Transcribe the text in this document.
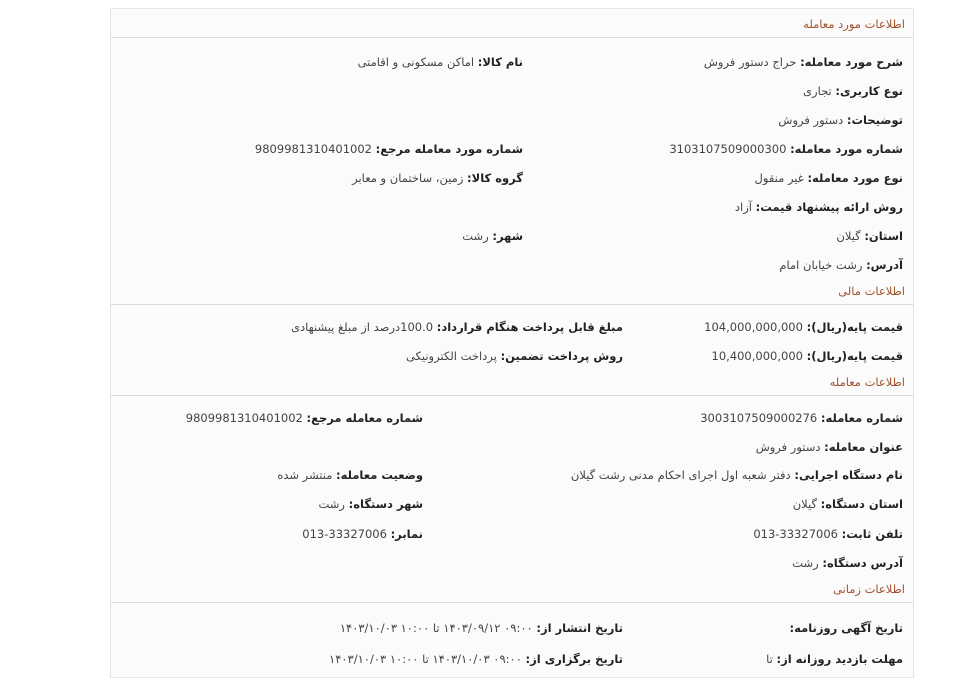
اطلاعات مورد معامله
شرح مورد معامله: حراج دستور فروش
نام کالا: اماکن مسکونی و اقامتی
نوع کاربری: تجاری
توضیحات: دستور فروش
شماره مورد معامله: 3103107509000300
شماره مورد معامله مرجع: 9809981310401002
نوع مورد معامله: غیر منقول
گروه کالا: زمین، ساختمان و معابر
روش ارائه پیشنهاد قیمت: آزاد
استان: گیلان
شهر: رشت
آدرس: رشت خیابان امام
اطلاعات مالی
قیمت پایه(ریال): 104,000,000,000
مبلغ قابل پرداخت هنگام قرارداد: 100.0درصد از مبلغ پیشنهادی
قیمت پایه(ریال): 10,400,000,000
روش پرداخت تضمین: پرداخت الکترونیکی
اطلاعات معامله
شماره معامله: 3003107509000276
شماره معامله مرجع: 9809981310401002
عنوان معامله: دستور فروش
نام دستگاه اجرایی: دفتر شعبه اول اجرای احکام مدنی رشت گیلان
وضعیت معامله: منتشر شده
استان دستگاه: گیلان
شهر دستگاه: رشت
تلفن ثابت: 33327006-013
نمابر: 33327006-013
آدرس دستگاه: رشت
اطلاعات زمانی
تاریخ آگهی روزنامه:
تاریخ انتشار از: ۰۹:۰۰ ۱۴۰۳/۰۹/۱۲ تا ۱۰:۰۰ ۱۴۰۳/۱۰/۰۳
مهلت بازدید روزانه از: تا
تاریخ برگزاری از: ۰۹:۰۰ ۱۴۰۳/۱۰/۰۳ تا ۱۰:۰۰ ۱۴۰۳/۱۰/۰۳
